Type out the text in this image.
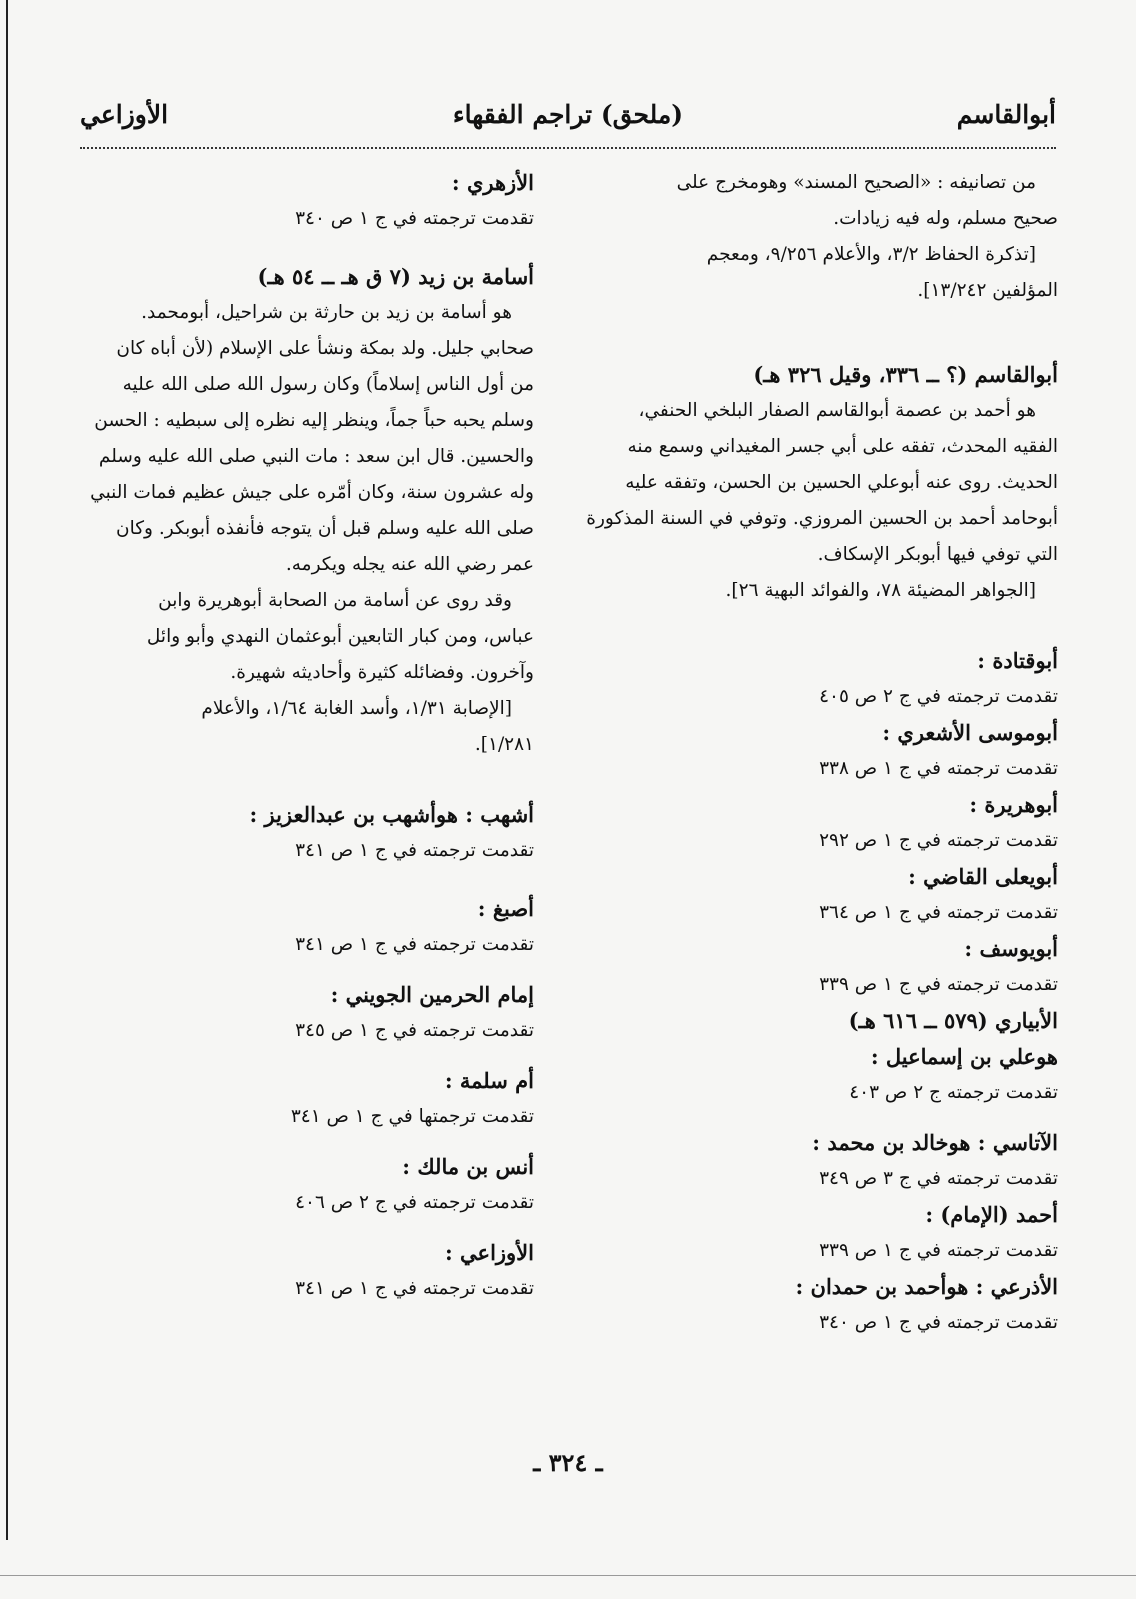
أبوالقاسم
(ملحق) تراجم الفقهاء
الأوزاعي
من تصانيفه : «الصحيح المسند» وهومخرج على
صحيح مسلم، وله فيه زيادات.
[تذكرة الحفاظ ٣/٢، والأعلام ٩/٢٥٦، ومعجم
المؤلفين ١٣/٢٤٢].
أبوالقاسم (؟ ــ ٣٣٦، وقيل ٣٢٦ هـ)
هو أحمد بن عصمة أبوالقاسم الصفار البلخي الحنفي،
الفقيه المحدث، تفقه على أبي جسر المغيداني وسمع منه
الحديث. روى عنه أبوعلي الحسين بن الحسن، وتفقه عليه
أبوحامد أحمد بن الحسين المروزي. وتوفي في السنة المذكورة
التي توفي فيها أبوبكر الإسكاف.
[الجواهر المضيئة ٧٨، والفوائد البهية ٢٦].
أبوقتادة :
تقدمت ترجمته في ج ٢ ص ٤٠٥
أبوموسى الأشعري :
تقدمت ترجمته في ج ١ ص ٣٣٨
أبوهريرة :
تقدمت ترجمته في ج ١ ص ٢٩٢
أبويعلى القاضي :
تقدمت ترجمته في ج ١ ص ٣٦٤
أبويوسف :
تقدمت ترجمته في ج ١ ص ٣٣٩
الأبياري (٥٧٩ ــ ٦١٦ هـ)
هوعلي بن إسماعيل :
تقدمت ترجمته ج ٢ ص ٤٠٣
الآتاسي : هوخالد بن محمد :
تقدمت ترجمته في ج ٣ ص ٣٤٩
أحمد (الإمام) :
تقدمت ترجمته في ج ١ ص ٣٣٩
الأذرعي : هوأحمد بن حمدان :
تقدمت ترجمته في ج ١ ص ٣٤٠
الأزهري :
تقدمت ترجمته في ج ١ ص ٣٤٠
أسامة بن زيد (٧ ق هـ ــ ٥٤ هـ)
هو أسامة بن زيد بن حارثة بن شراحيل، أبومحمد.
صحابي جليل. ولد بمكة ونشأ على الإسلام (لأن أباه كان
من أول الناس إسلاماً) وكان رسول الله صلى الله عليه
وسلم يحبه حباً جماً، وينظر إليه نظره إلى سبطيه : الحسن
والحسين. قال ابن سعد : مات النبي صلى الله عليه وسلم
وله عشرون سنة، وكان أمّره على جيش عظيم فمات النبي
صلى الله عليه وسلم قبل أن يتوجه فأنفذه أبوبكر. وكان
عمر رضي الله عنه يجله ويكرمه.
وقد روى عن أسامة من الصحابة أبوهريرة وابن
عباس، ومن كبار التابعين أبوعثمان النهدي وأبو وائل
وآخرون. وفضائله كثيرة وأحاديثه شهيرة.
[الإصابة ١/٣١، وأسد الغابة ١/٦٤، والأعلام
١/٢٨١].
أشهب : هوأشهب بن عبدالعزيز :
تقدمت ترجمته في ج ١ ص ٣٤١
أصبغ :
تقدمت ترجمته في ج ١ ص ٣٤١
إمام الحرمين الجويني :
تقدمت ترجمته في ج ١ ص ٣٤٥
أم سلمة :
تقدمت ترجمتها في ج ١ ص ٣٤١
أنس بن مالك :
تقدمت ترجمته في ج ٢ ص ٤٠٦
الأوزاعي :
تقدمت ترجمته في ج ١ ص ٣٤١
ـ ٣٢٤ ـ
